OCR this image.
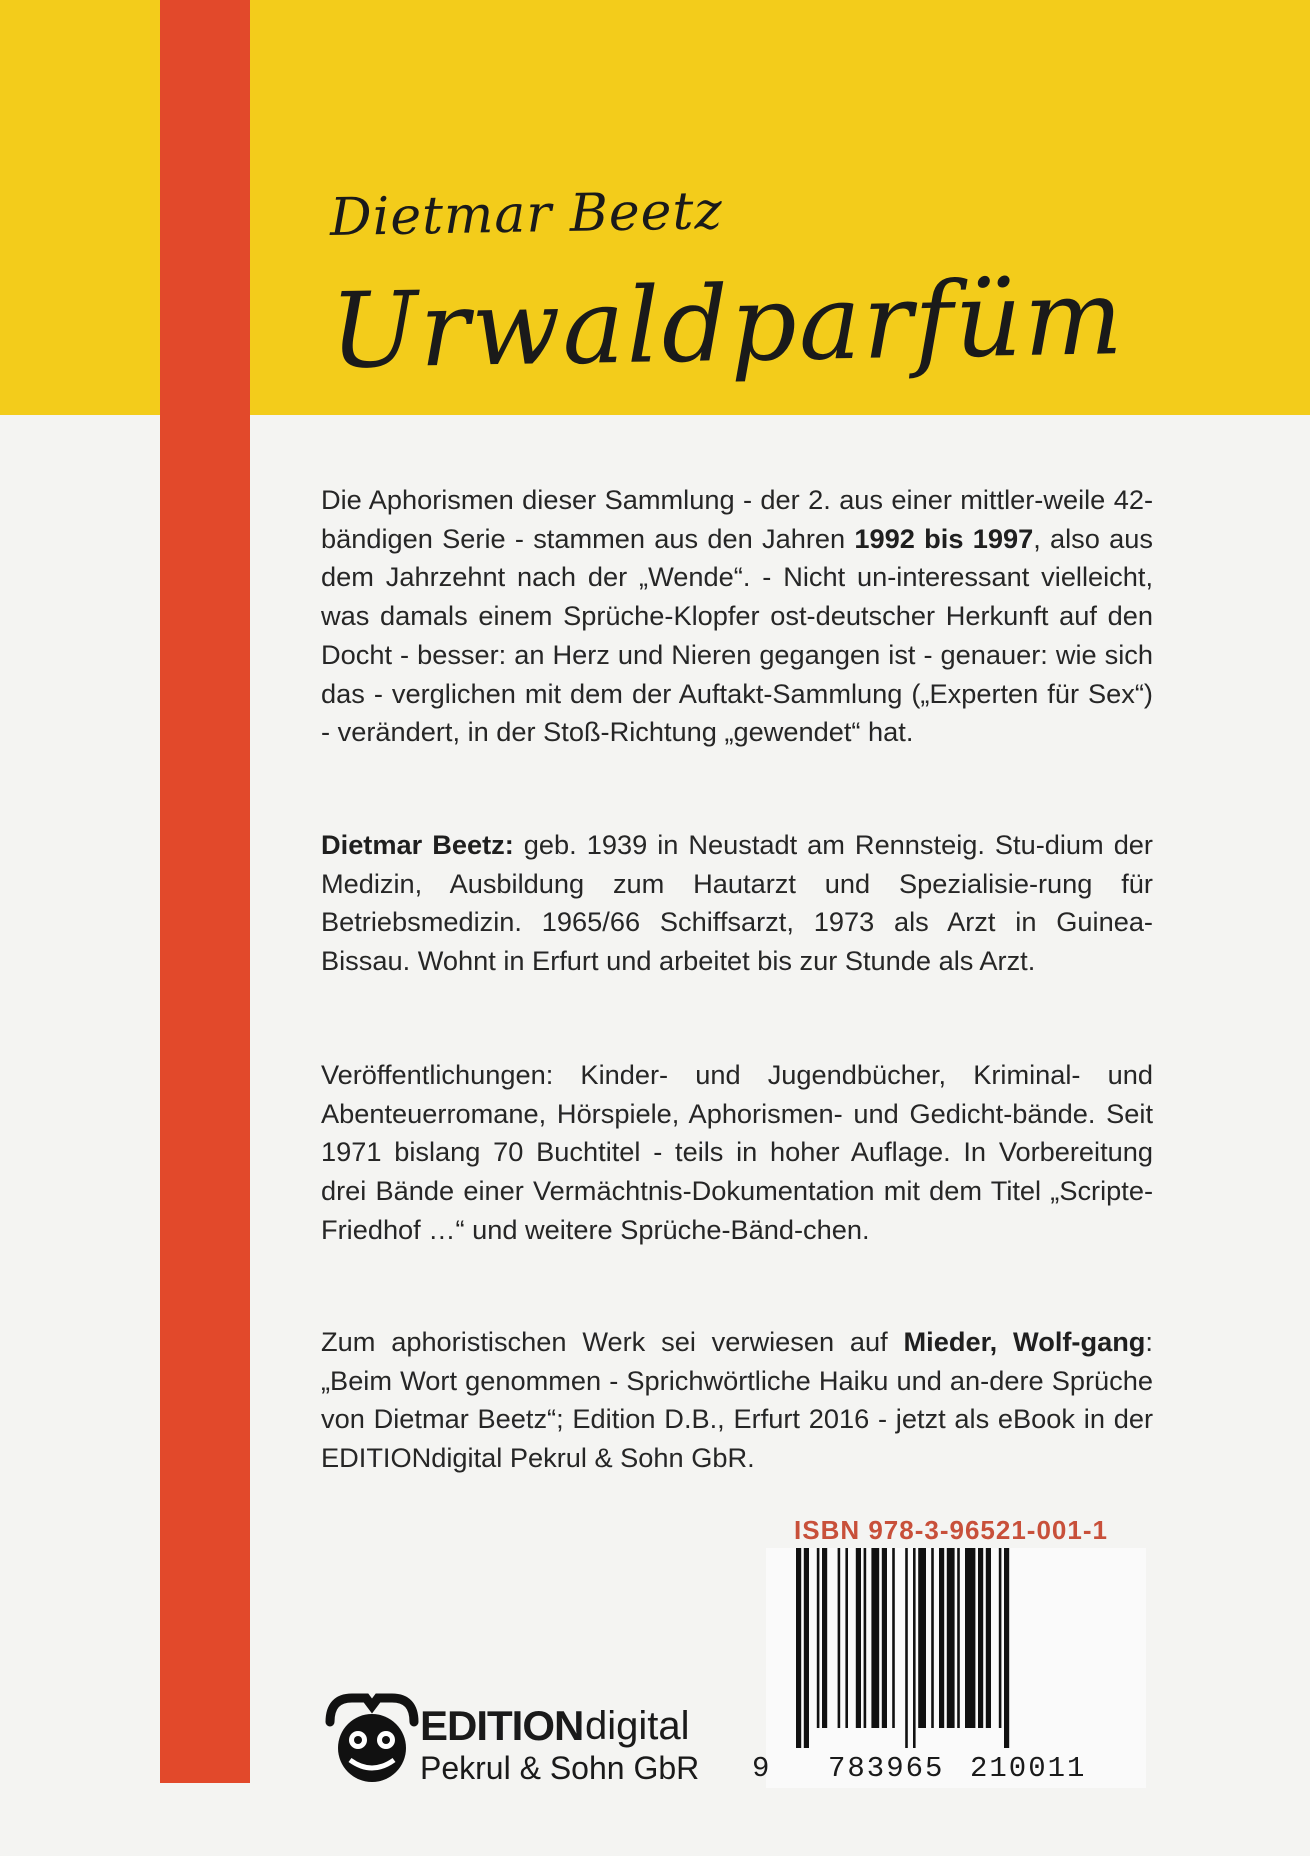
Dietmar Beetz
Urwaldparfüm
Die Aphorismen dieser Sammlung - der 2. aus einer mittler-weile 42-bändigen Serie - stammen aus den Jahren 1992 bis 1997, also aus dem Jahrzehnt nach der „Wende“. - Nicht un-interessant vielleicht, was damals einem Sprüche-Klopfer ost-deutscher Herkunft auf den Docht - besser: an Herz und Nieren gegangen ist - genauer: wie sich das - verglichen mit dem der Auftakt-Sammlung („Experten für Sex“) - verändert, in der Stoß-Richtung „gewendet“ hat.
Dietmar Beetz: geb. 1939 in Neustadt am Rennsteig. Stu-dium der Medizin, Ausbildung zum Hautarzt und Spezialisie-rung für Betriebsmedizin. 1965/66 Schiffsarzt, 1973 als Arzt in Guinea-Bissau. Wohnt in Erfurt und arbeitet bis zur Stunde als Arzt.
Veröffentlichungen: Kinder- und Jugendbücher, Kriminal- und Abenteuerromane, Hörspiele, Aphorismen- und Gedicht-bände. Seit 1971 bislang 70 Buchtitel - teils in hoher Auflage. In Vorbereitung drei Bände einer Vermächtnis-Dokumentation mit dem Titel „Scripte-Friedhof …“ und weitere Sprüche-Bänd-chen.
Zum aphoristischen Werk sei verwiesen auf Mieder, Wolf-gang: „Beim Wort genommen - Sprichwörtliche Haiku und an-dere Sprüche von Dietmar Beetz“; Edition D.B., Erfurt 2016 - jetzt als eBook in der EDITIONdigital Pekrul & Sohn GbR.
ISBN 978-3-96521-001-1
9 783965 210011
EDITION digital
Pekrul & Sohn GbR
